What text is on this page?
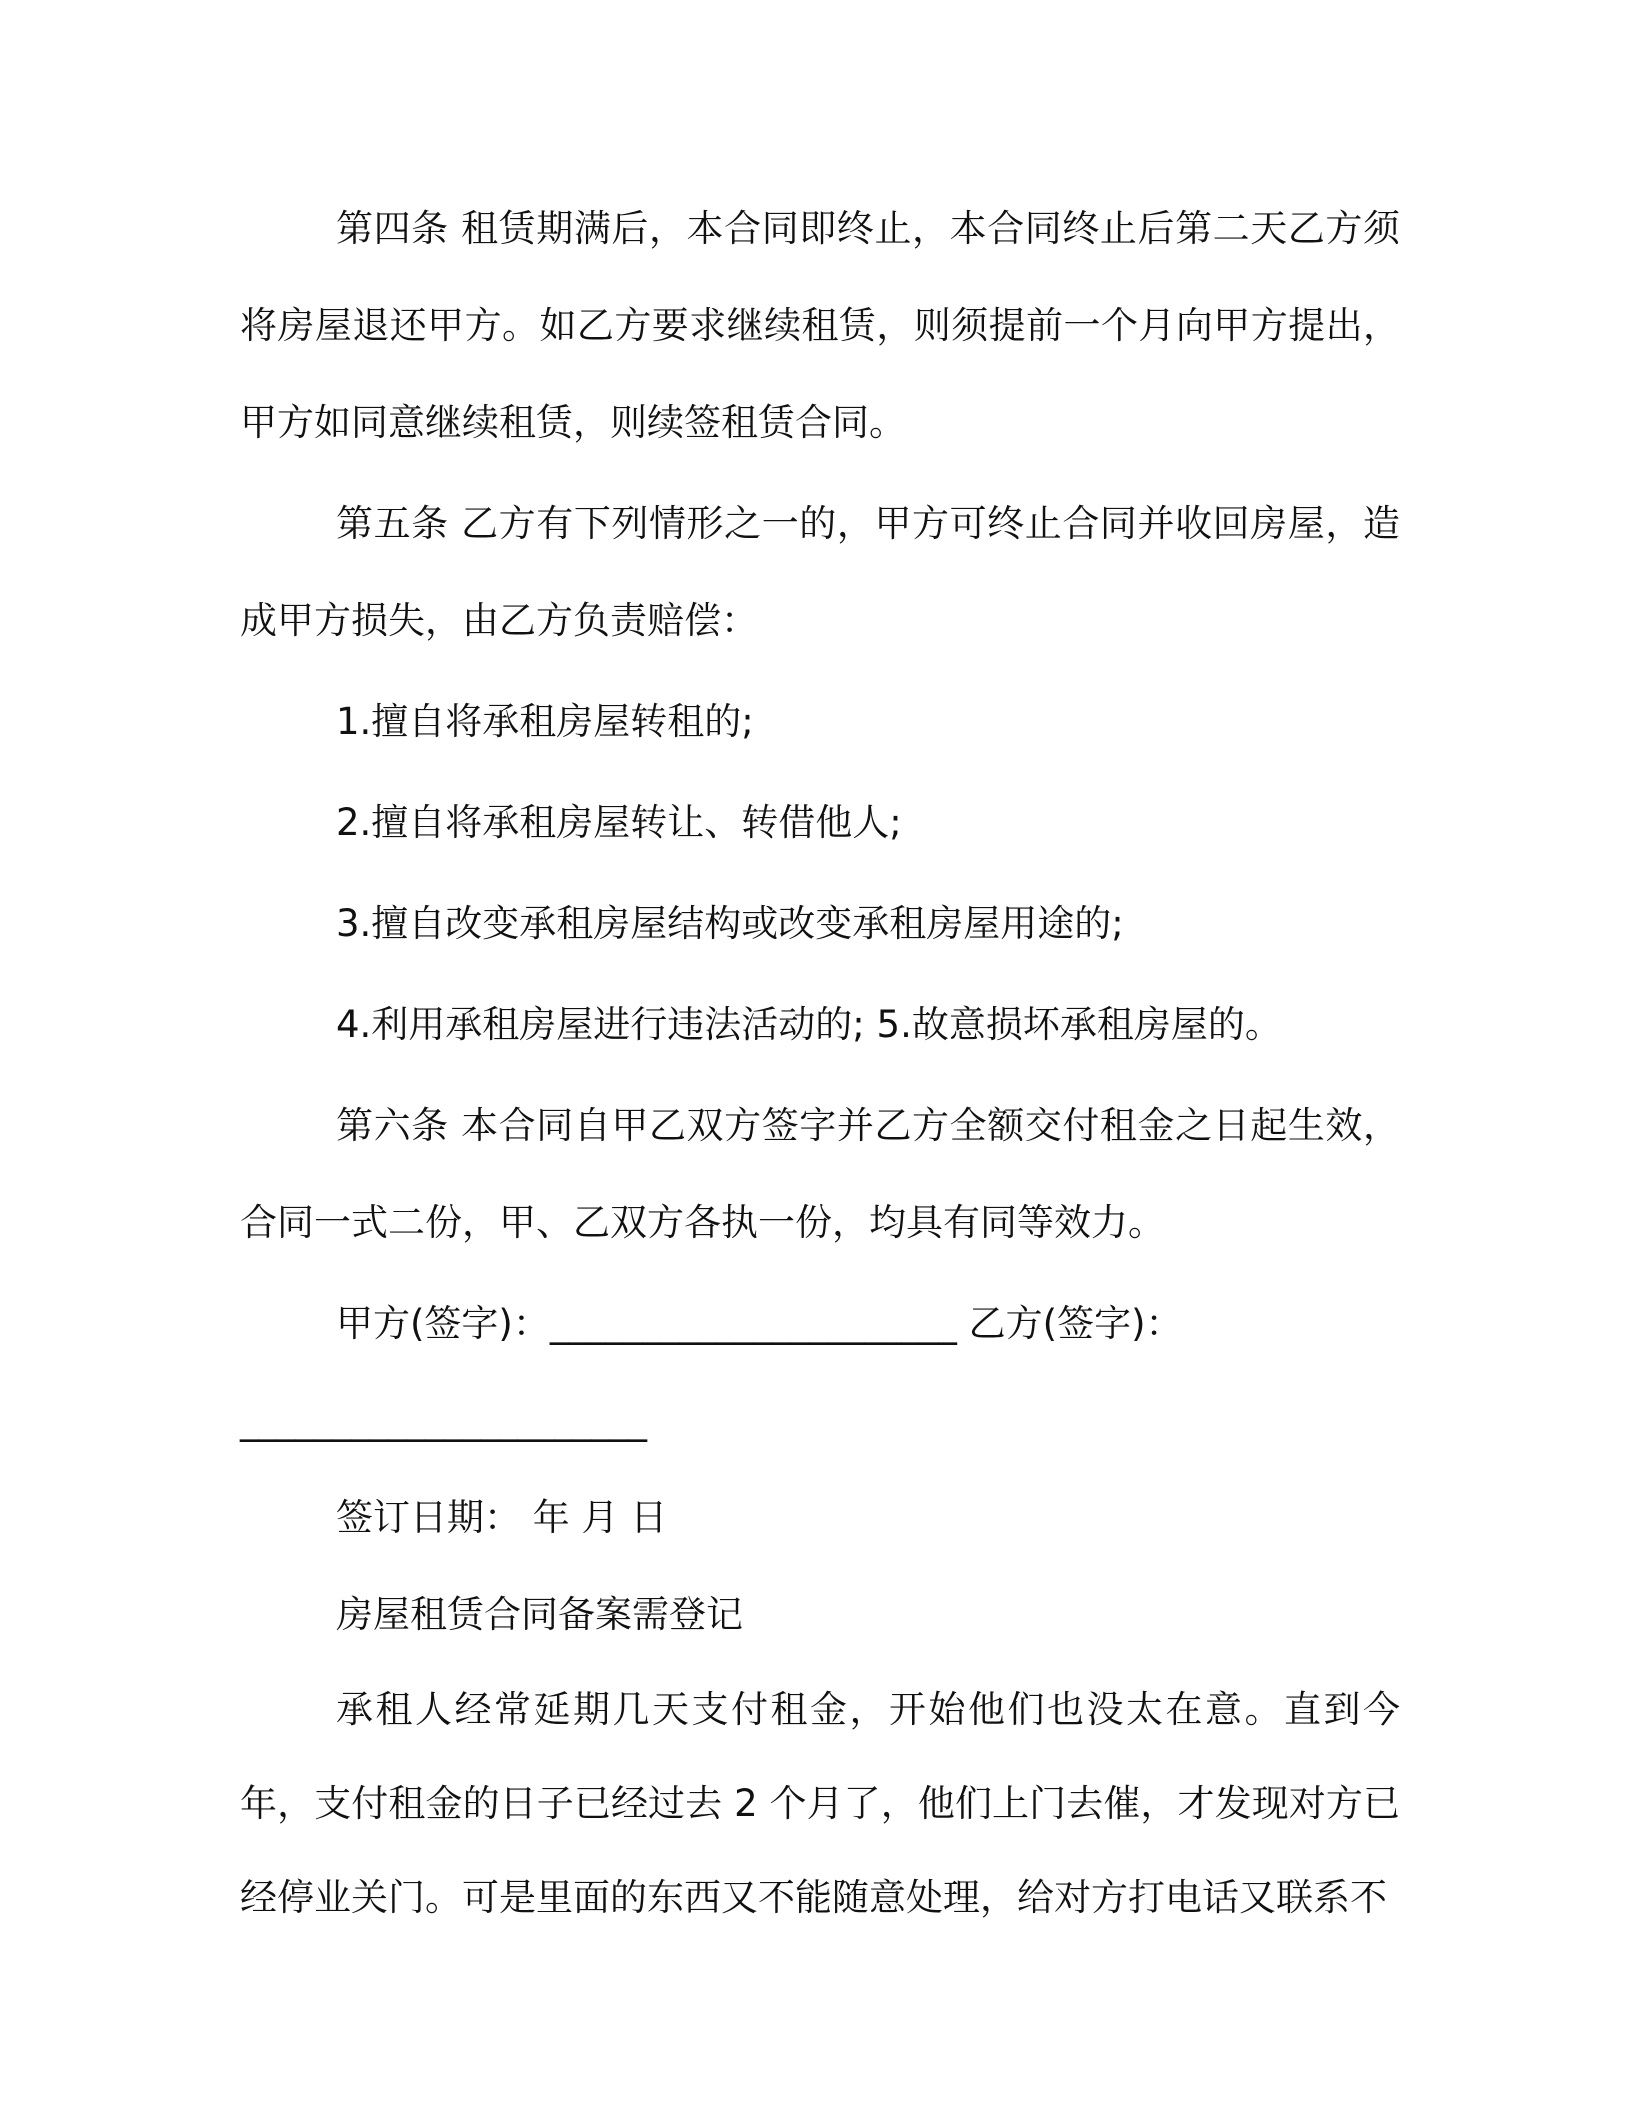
第四条 租赁期满后，本合同即终止，本合同终止后第二天乙方须将房屋退还甲方。如乙方要求继续租赁，则须提前一个月向甲方提出，甲方如同意继续租赁，则续签租赁合同。

第五条 乙方有下列情形之一的，甲方可终止合同并收回房屋，造成甲方损失，由乙方负责赔偿：

1.擅自将承租房屋转租的;

2.擅自将承租房屋转让、转借他人;

3.擅自改变承租房屋结构或改变承租房屋用途的;

4.利用承租房屋进行违法活动的; 5.故意损坏承租房屋的。

第六条 本合同自甲乙双方签字并乙方全额交付租金之日起生效，合同一式二份，甲、乙双方各执一份，均具有同等效力。

甲方(签字)：______________________ 乙方(签字)：

______________________

签订日期： 年 月 日

房屋租赁合同备案需登记

承租人经常延期几天支付租金，开始他们也没太在意。直到今年，支付租金的日子已经过去 2 个月了，他们上门去催，才发现对方已经停业关门。可是里面的东西又不能随意处理，给对方打电话又联系不
